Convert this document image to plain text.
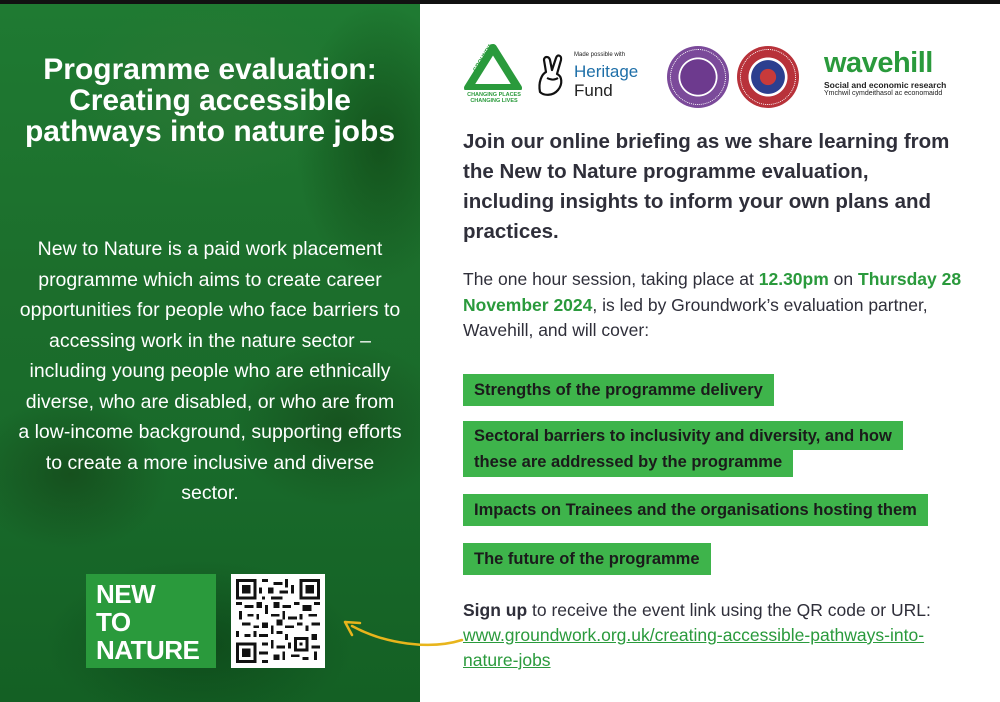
Programme evaluation: Creating accessible pathways into nature jobs
New to Nature is a paid work placement programme which aims to create career opportunities for people who face barriers to accessing work in the nature sector – including young people who are ethnically diverse, who are disabled, or who are from a low-income background, supporting efforts to create a more inclusive and diverse sector.
NEW
TO
NATURE
GROUNDWORK
CHANGING PLACES CHANGING LIVES
Made possible with
Heritage
Fund
wavehill
Social and economic research
Ymchwil cymdeithasol ac economaidd
Join our online briefing as we share learning from the New to Nature programme evaluation, including insights to inform your own plans and practices.
The one hour session, taking place at 12.30pm on Thursday 28 November 2024, is led by Groundwork’s evaluation partner, Wavehill, and will cover:
Strengths of the programme delivery
Sectoral barriers to inclusivity and diversity, and how
these are addressed by the programme
Impacts on Trainees and the organisations hosting them
The future of the programme
Sign up to receive the event link using the QR code or URL:
www.groundwork.org.uk/creating-accessible-pathways-into-nature-jobs
